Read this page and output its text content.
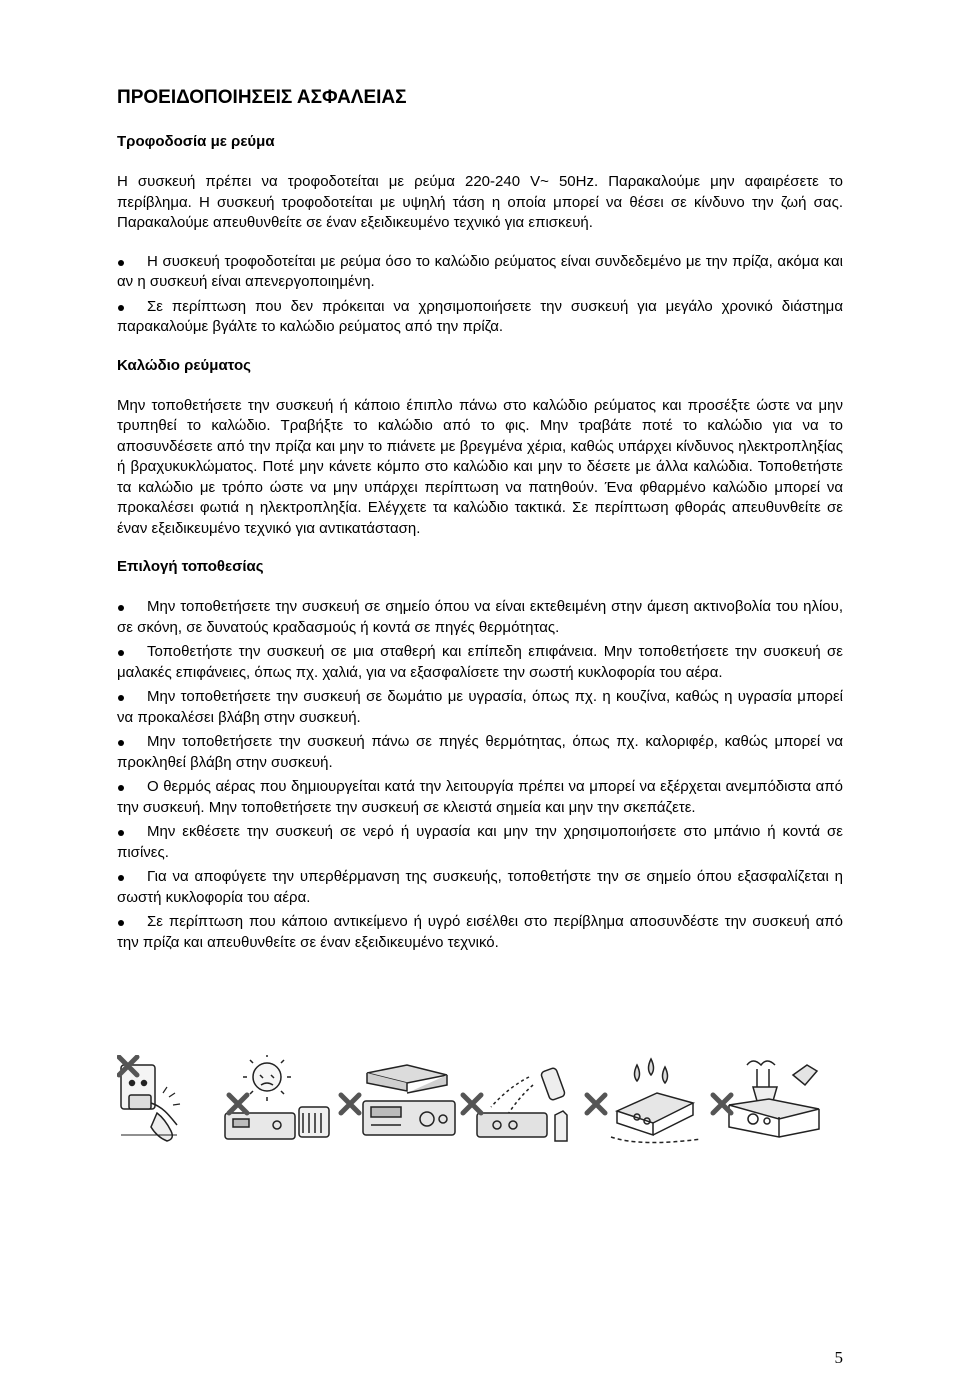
ΠΡΟΕΙΔΟΠΟΙΗΣΕΙΣ ΑΣΦΑΛΕΙΑΣ
Τροφοδοσία με ρεύμα

Η συσκευή πρέπει να τροφοδοτείται με ρεύμα 220-240 V~ 50Hz. Παρακαλούμε μην αφαιρέσετε το περίβλημα. Η συσκευή τροφοδοτείται με υψηλή τάση η οποία μπορεί να θέσει σε κίνδυνο την ζωή σας. Παρακαλούμε απευθυνθείτε σε έναν εξειδικευμένο τεχνικό για επισκευή.

Η συσκευή τροφοδοτείται με ρεύμα όσο το καλώδιο ρεύματος είναι συνδεδεμένο με την πρίζα, ακόμα και αν η συσκευή είναι απενεργοποιημένη.
Σε περίπτωση που δεν πρόκειται να χρησιμοποιήσετε την συσκευή για μεγάλο χρονικό διάστημα παρακαλούμε βγάλτε το καλώδιο ρεύματος από την πρίζα.
Καλώδιο ρεύματος

Μην τοποθετήσετε την συσκευή ή κάποιο έπιπλο πάνω στο καλώδιο ρεύματος και προσέξτε ώστε να μην τρυπηθεί το καλώδιο. Τραβήξτε το καλώδιο από το φις. Μην τραβάτε ποτέ το καλώδιο για να το αποσυνδέσετε από την πρίζα και μην το πιάνετε με βρεγμένα χέρια, καθώς υπάρχει κίνδυνος ηλεκτροπληξίας ή βραχυκυκλώματος. Ποτέ μην κάνετε κόμπο στο καλώδιο και μην το δέσετε με άλλα καλώδια. Τοποθετήστε τα καλώδιο με τρόπο ώστε να μην υπάρχει περίπτωση να πατηθούν. Ένα φθαρμένο καλώδιο μπορεί να προκαλέσει φωτιά η ηλεκτροπληξία. Ελέγχετε τα καλώδιο τακτικά. Σε περίπτωση φθοράς απευθυνθείτε σε έναν εξειδικευμένο τεχνικό για αντικατάσταση.

Επιλογή τοποθεσίας
Μην τοποθετήσετε την συσκευή σε σημείο όπου να είναι εκτεθειμένη στην άμεση ακτινοβολία του ηλίου, σε σκόνη, σε δυνατούς κραδασμούς ή κοντά σε πηγές θερμότητας.
Τοποθετήστε την συσκευή σε μια σταθερή και επίπεδη επιφάνεια. Μην τοποθετήσετε την συσκευή σε μαλακές επιφάνειες, όπως πχ. χαλιά, για να εξασφαλίσετε την σωστή κυκλοφορία του αέρα.
Μην τοποθετήσετε την συσκευή σε δωμάτιο με υγρασία, όπως πχ. η κουζίνα, καθώς η υγρασία μπορεί να προκαλέσει βλάβη στην συσκευή.
Μην τοποθετήσετε την συσκευή πάνω σε πηγές θερμότητας, όπως πχ. καλοριφέρ, καθώς μπορεί να προκληθεί βλάβη στην συσκευή.
Ο θερμός αέρας που δημιουργείται κατά την λειτουργία πρέπει να μπορεί να εξέρχεται ανεμπόδιστα από την συσκευή. Μην τοποθετήσετε την συσκευή σε κλειστά σημεία και μην την σκεπάζετε.
Μην εκθέσετε την συσκευή σε νερό ή υγρασία και μην την χρησιμοποιήσετε στο μπάνιο ή κοντά σε πισίνες.
Για να αποφύγετε την υπερθέρμανση της συσκευής, τοποθετήστε την σε σημείο όπου εξασφαλίζεται η σωστή κυκλοφορία του αέρα.
Σε περίπτωση που κάποιο αντικείμενο ή υγρό εισέλθει στο περίβλημα αποσυνδέστε την συσκευή από την πρίζα και απευθυνθείτε σε έναν εξειδικευμένο τεχνικό.
5
